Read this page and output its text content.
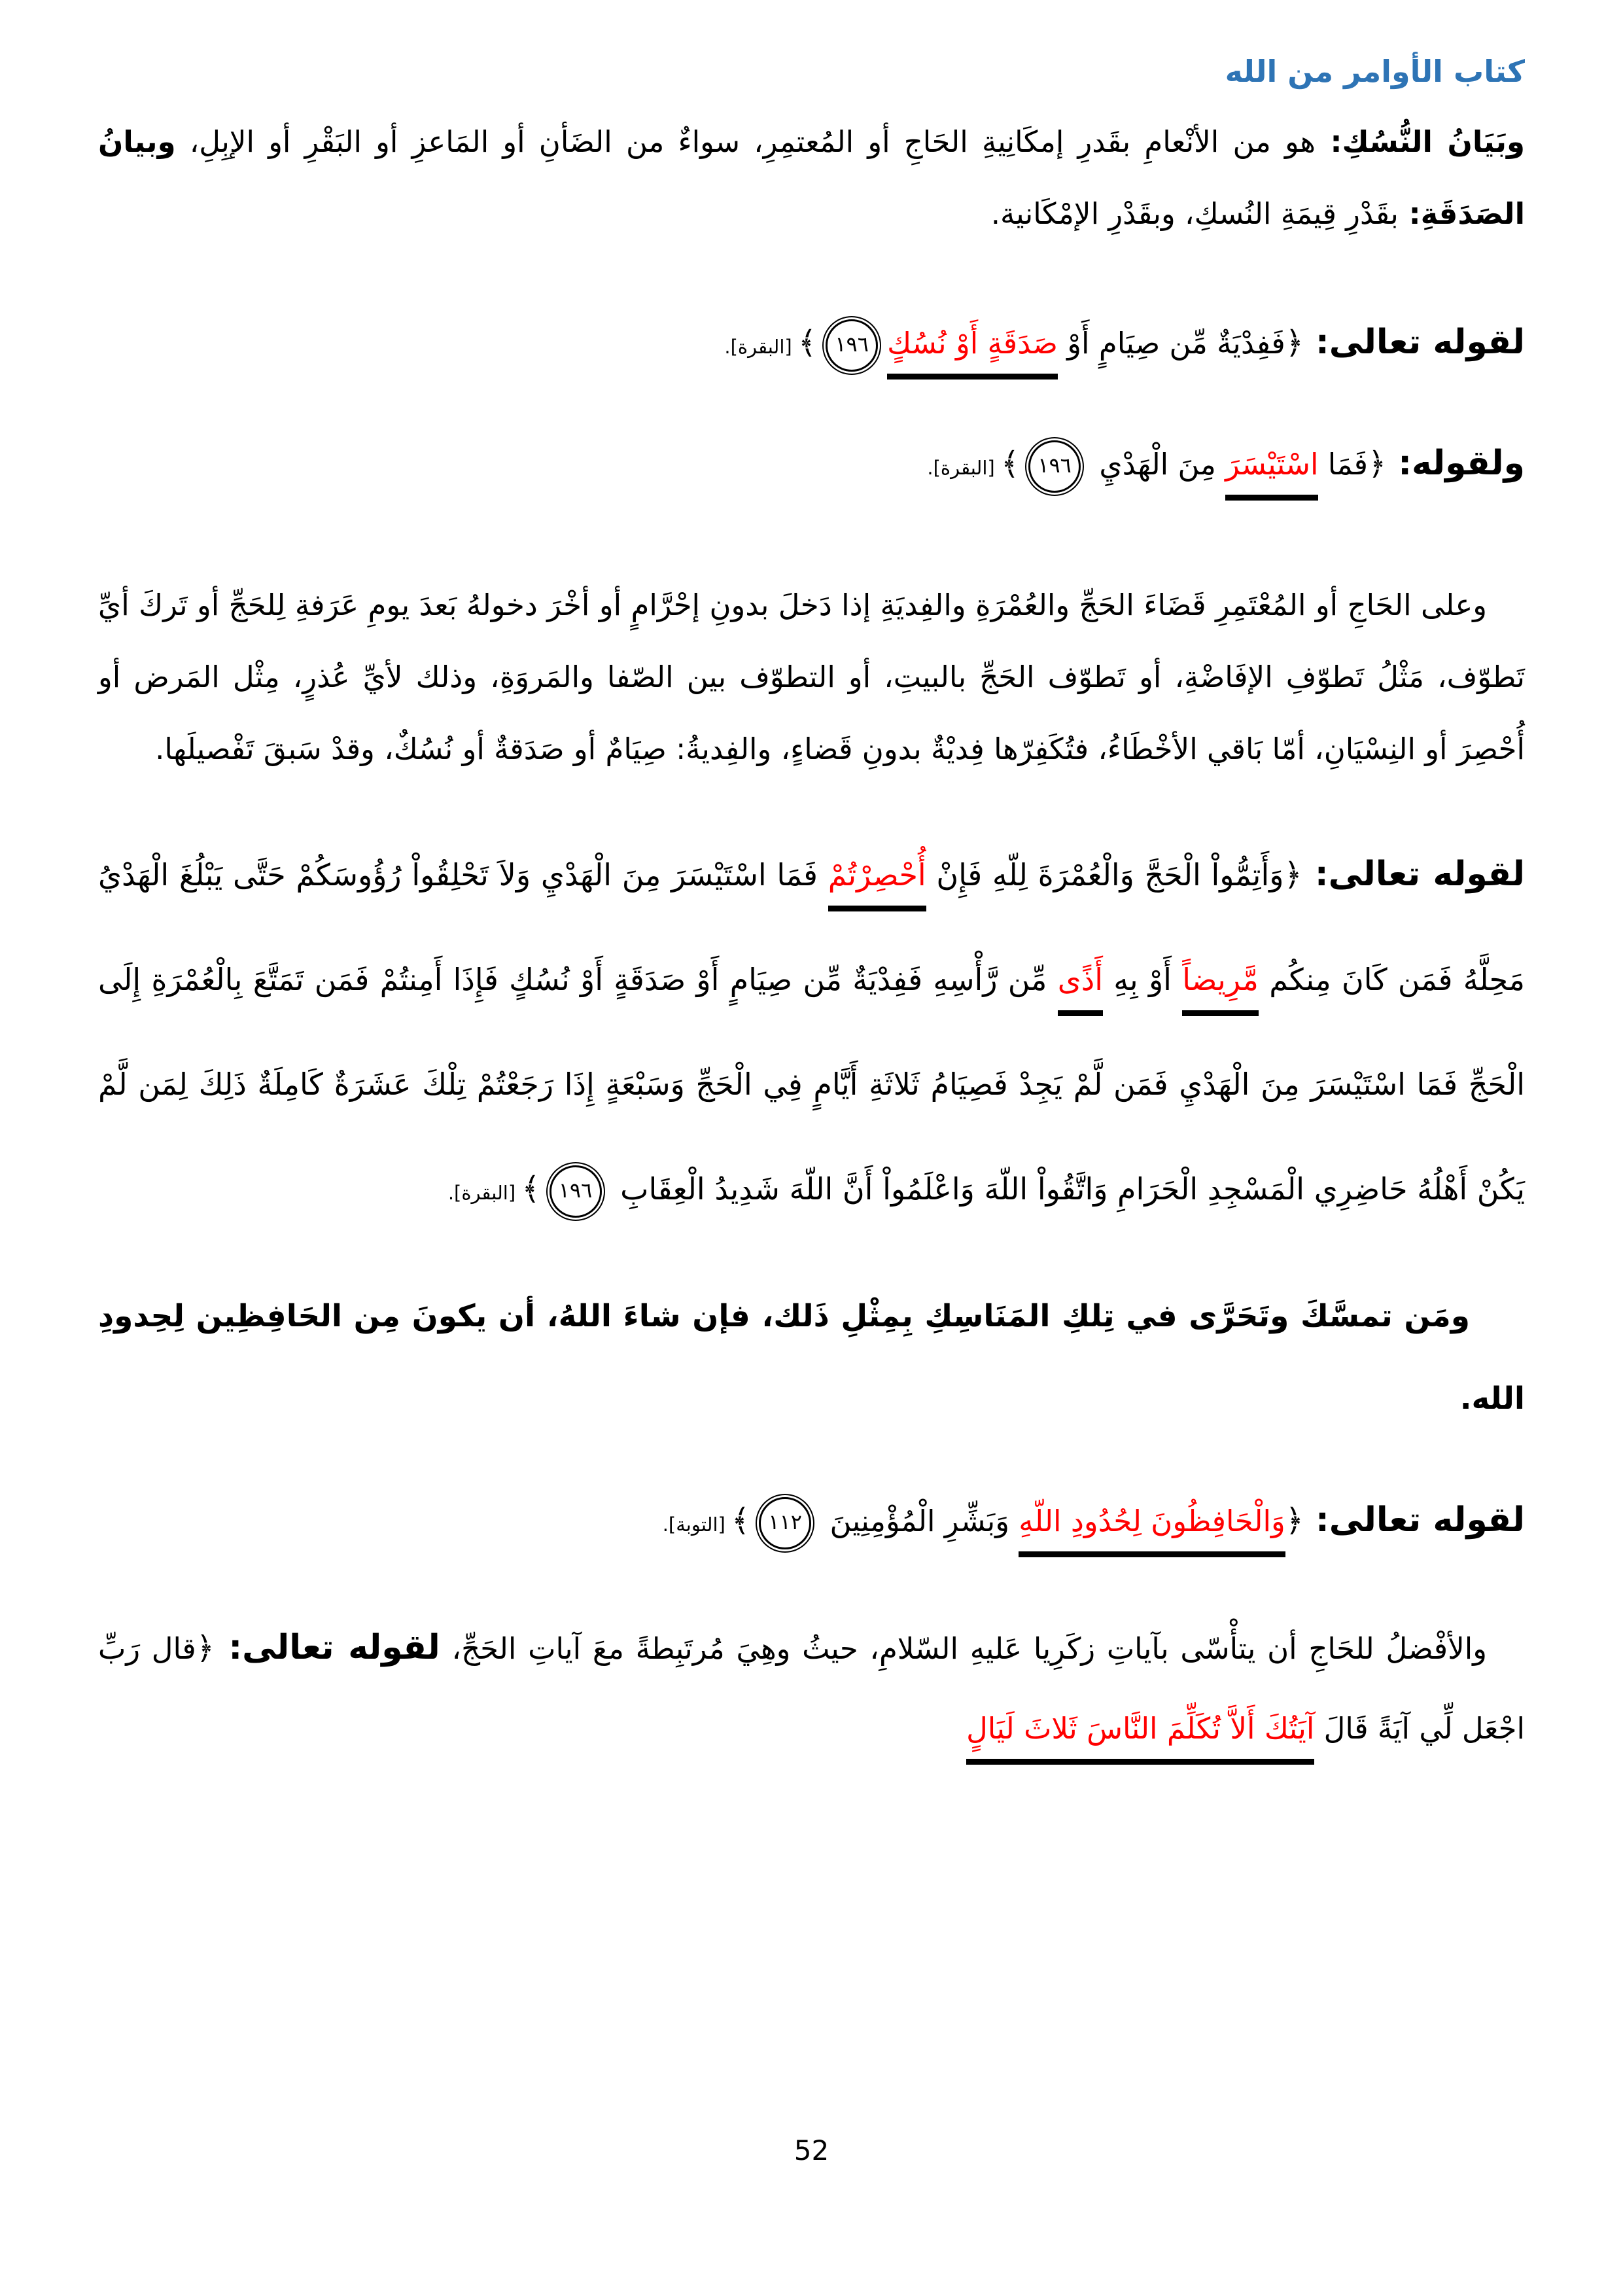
كتاب الأوامر من الله

وبَيَانُ النُّسُكِ: هو من الأنْعامِ بقَدرِ إمكَانِيةِ الحَاجِ أو المُعتمِرِ، سواءٌ من الضَأنِ أو المَاعزِ أو البَقْرِ أو الإبِلِ، وبيانُ الصَدَقَةِ: بقَدْرِ قِيمَةِ النُسكِ، وبقَدْرِ الإمْكَانية.

لقوله تعالى: ﴿فَفِدْيَةٌ مِّن صِيَامٍ أَوْ صَدَقَةٍ أَوْ نُسُكٍ١٩٦﴾ [البقرة].

ولقوله: ﴿فَمَا اسْتَيْسَرَ مِنَ الْهَدْيِ ١٩٦﴾ [البقرة].

وعلى الحَاجِ أو المُعْتَمِرِ قَضَاءَ الحَجِّ والعُمْرَةِ والفِديَةِ إذا دَخلَ بدونِ إحْرَّامٍ أو أخْرَ دخولهُ بَعدَ يومِ عَرَفةِ لِلحَجِّ أو تَركَ أيِّ تَطوّف، مَثْلُ تَطوّفِ الإفَاضْةِ، أو تَطوّف الحَجِّ بالبيتِ، أو التطوّف بين الصّفا والمَروَةِ، وذلك لأيِّ عُذرٍ، مِثْل المَرض أو أُحْصِرَ أو النِسْيَانِ، أمّا بَاقي الأخْطَاءُ، فتُكَفِرّها فِديْةٌ بدونِ قَضاءٍ، والفِديةُ: صِيَامٌ أو صَدَقةٌ أو نُسُكٌ، وقدْ سَبقَ تَفْصيلَها.

لقوله تعالى: ﴿وَأَتِمُّواْ الْحَجَّ وَالْعُمْرَةَ لِلّهِ فَإِنْ أُحْصِرْتُمْ فَمَا اسْتَيْسَرَ مِنَ الْهَدْيِ وَلاَ تَحْلِقُواْ رُؤُوسَكُمْ حَتَّى يَبْلُغَ الْهَدْيُ مَحِلَّهُ فَمَن كَانَ مِنكُم مَّرِيضاً أَوْ بِهِ أَذًى مِّن رَّأْسِهِ فَفِدْيَةٌ مِّن صِيَامٍ أَوْ صَدَقَةٍ أَوْ نُسُكٍ فَإِذَا أَمِنتُمْ فَمَن تَمَتَّعَ بِالْعُمْرَةِ إِلَى الْحَجِّ فَمَا اسْتَيْسَرَ مِنَ الْهَدْيِ فَمَن لَّمْ يَجِدْ فَصِيَامُ ثَلاثَةِ أَيَّامٍ فِي الْحَجِّ وَسَبْعَةٍ إِذَا رَجَعْتُمْ تِلْكَ عَشَرَةٌ كَامِلَةٌ ذَلِكَ لِمَن لَّمْ يَكُنْ أَهْلُهُ حَاضِرِي الْمَسْجِدِ الْحَرَامِ وَاتَّقُواْ اللّهَ وَاعْلَمُواْ أَنَّ اللّهَ شَدِيدُ الْعِقَابِ ١٩٦﴾ [البقرة].

ومَن تمسَّكَ وتَحَرَّى في تِلكِ المَنَاسِكِ بِمِثْلِ ذَلك، فإن شاءَ اللهُ، أن يكونَ مِن الحَافِظِين لِحِدودِ الله.

لقوله تعالى: ﴿وَالْحَافِظُونَ لِحُدُودِ اللّهِ وَبَشِّرِ الْمُؤْمِنِينَ ١١٢﴾ [التوبة].

والأفْضلُ للحَاجِ أن يتأْسّى بآياتِ زكَرِيا عَليهِ السّلامِ، حيثُ وهِيَ مُرتَبِطةً معَ آياتِ الحَجِّ، لقوله تعالى: ﴿قال رَبِّ اجْعَل لِّي آيَةً قَالَ آيَتُكَ أَلاَّ تُكَلِّمَ النَّاسَ ثَلاثَ لَيَالٍ

52
